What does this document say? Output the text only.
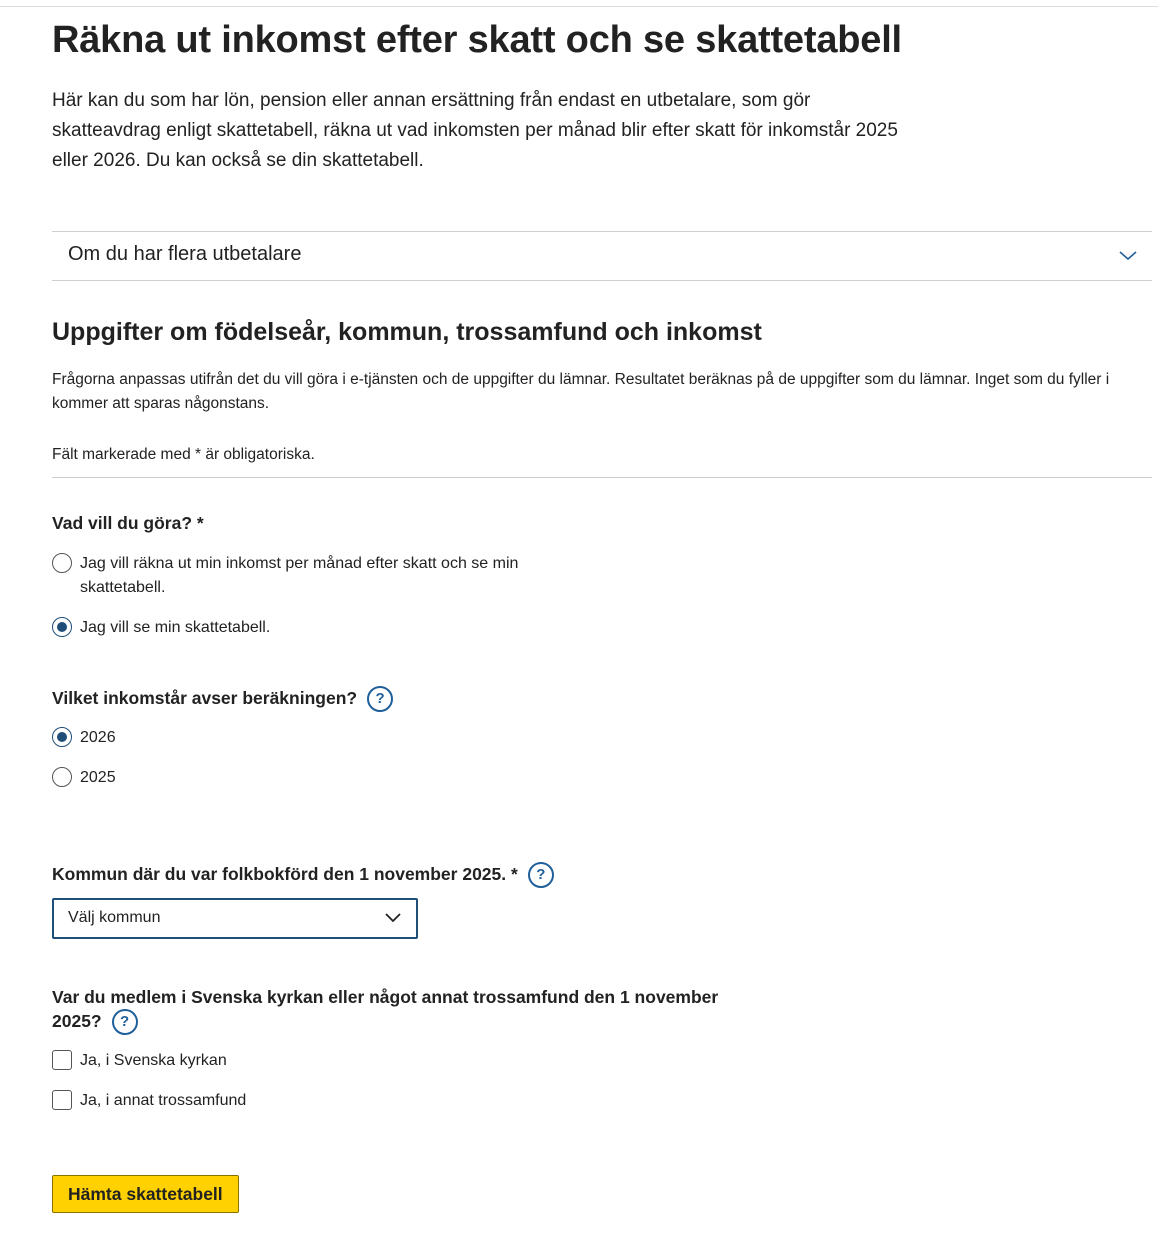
Räkna ut inkomst efter skatt och se skattetabell

Här kan du som har lön, pension eller annan ersättning från endast en utbetalare, som gör skatteavdrag enligt skattetabell, räkna ut vad inkomsten per månad blir efter skatt för inkomstår 2025 eller 2026. Du kan också se din skattetabell.

Om du har flera utbetalare
Uppgifter om födelseår, kommun, trossamfund och inkomst

Frågorna anpassas utifrån det du vill göra i e-tjänsten och de uppgifter du lämnar. Resultatet beräknas på de uppgifter som du lämnar. Inget som du fyller i kommer att sparas någonstans.

Fält markerade med * är obligatoriska.

Vad vill du göra? *
Jag vill räkna ut min inkomst per månad efter skatt och se min skattetabell.
Jag vill se min skattetabell.
Vilket inkomstår avser beräkningen? ?
2026
2025
Kommun där du var folkbokförd den 1 november 2025. * ?
Välj kommun
Var du medlem i Svenska kyrkan eller något annat trossamfund den 1 november
2025? ?
Ja, i Svenska kyrkan
Ja, i annat trossamfund
Hämta skattetabell
